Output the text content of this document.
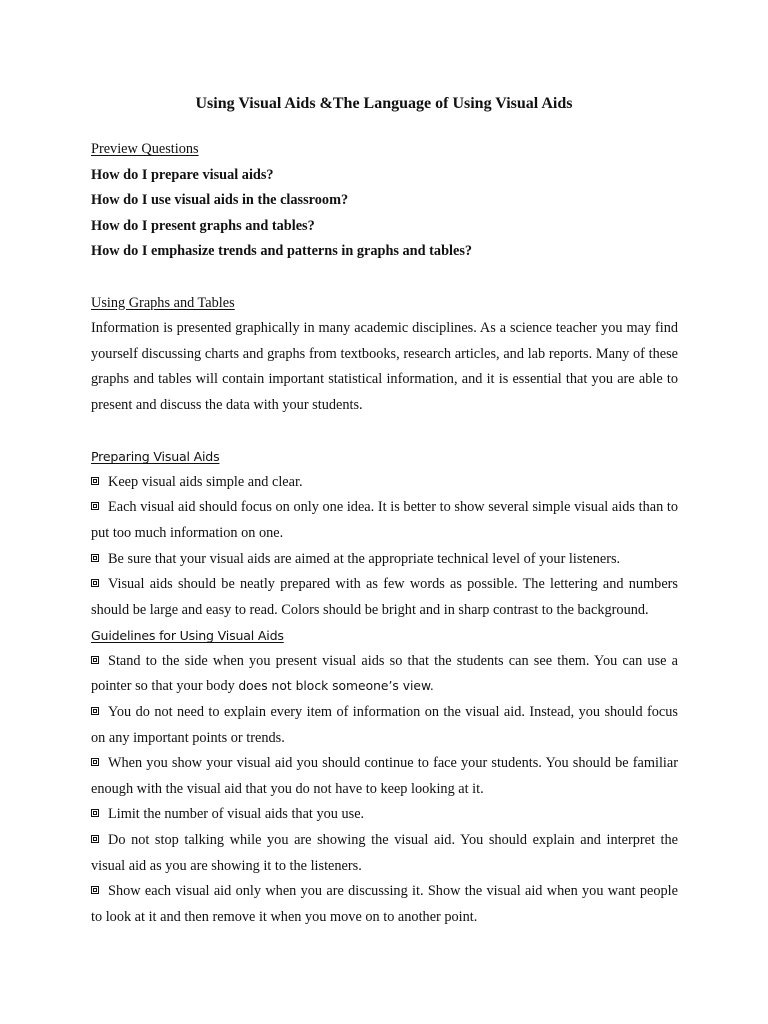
Using Visual Aids &The Language of Using Visual Aids
Preview Questions
How do I prepare visual aids?
How do I use visual aids in the classroom?
How do I present graphs and tables?
How do I emphasize trends and patterns in graphs and tables?
Using Graphs and Tables
Information is presented graphically in many academic disciplines. As a science teacher you may find yourself discussing charts and graphs from textbooks, research articles, and lab reports. Many of these graphs and tables will contain important statistical information, and it is essential that you are able to present and discuss the data with your students.
Preparing Visual Aids
Keep visual aids simple and clear.
Each visual aid should focus on only one idea. It is better to show several simple visual aids than to put too much information on one.
Be sure that your visual aids are aimed at the appropriate technical level of your listeners.
Visual aids should be neatly prepared with as few words as possible. The lettering and numbers should be large and easy to read. Colors should be bright and in sharp contrast to the background.
Guidelines for Using Visual Aids
Stand to the side when you present visual aids so that the students can see them. You can use a pointer so that your body does not block someone’s view.
You do not need to explain every item of information on the visual aid. Instead, you should focus on any important points or trends.
When you show your visual aid you should continue to face your students. You should be familiar enough with the visual aid that you do not have to keep looking at it.
Limit the number of visual aids that you use.
Do not stop talking while you are showing the visual aid. You should explain and interpret the visual aid as you are showing it to the listeners.
Show each visual aid only when you are discussing it. Show the visual aid when you want people to look at it and then remove it when you move on to another point.
